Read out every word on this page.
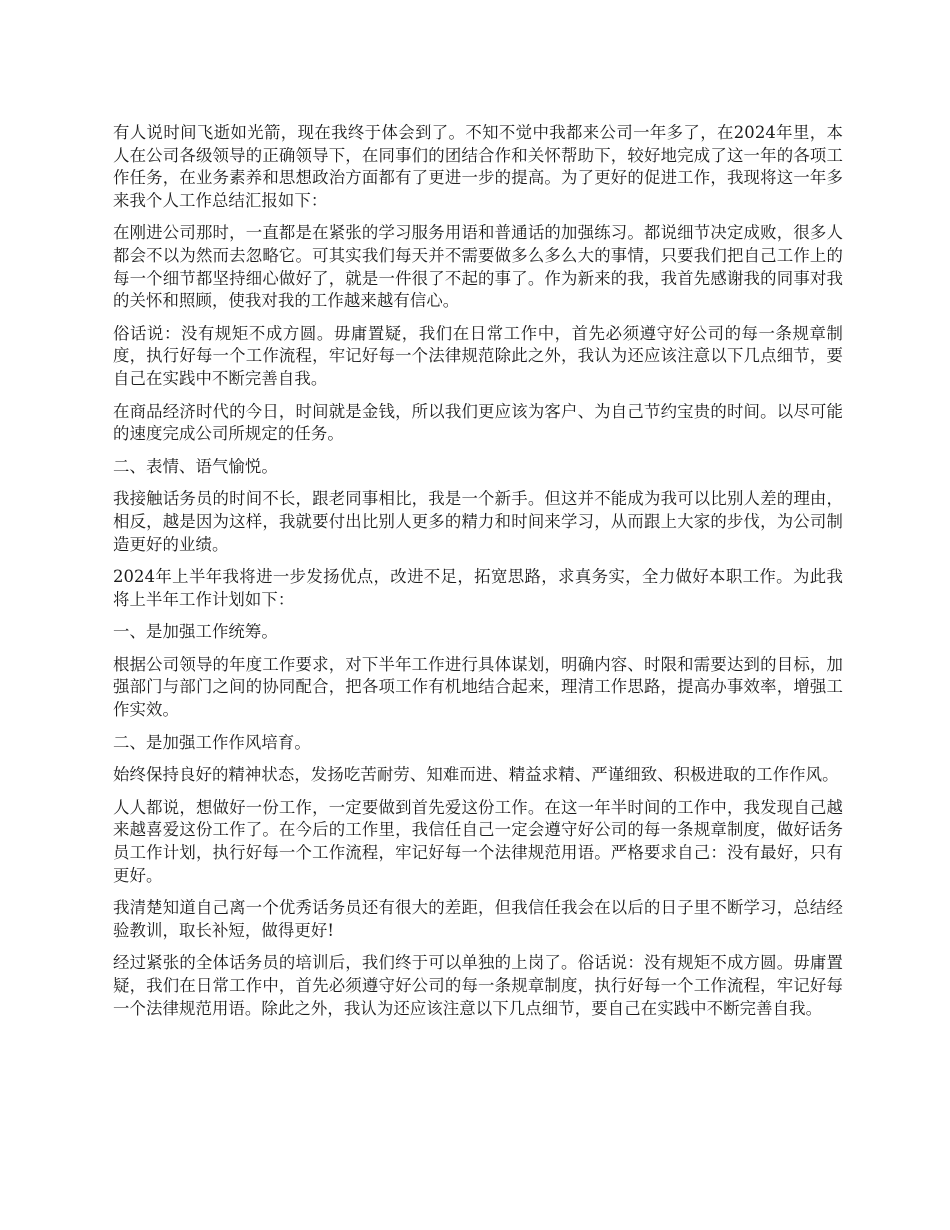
有人说时间飞逝如光箭，现在我终于体会到了。不知不觉中我都来公司一年多了，在2024年里，本人在公司各级领导的正确领导下，在同事们的团结合作和关怀帮助下，较好地完成了这一年的各项工作任务，在业务素养和思想政治方面都有了更进一步的提高。为了更好的促进工作，我现将这一年多来我个人工作总结汇报如下：

在刚进公司那时，一直都是在紧张的学习服务用语和普通话的加强练习。都说细节决定成败，很多人都会不以为然而去忽略它。可其实我们每天并不需要做多么多么大的事情，只要我们把自己工作上的每一个细节都坚持细心做好了，就是一件很了不起的事了。作为新来的我，我首先感谢我的同事对我的关怀和照顾，使我对我的工作越来越有信心。

俗话说：没有规矩不成方圆。毋庸置疑，我们在日常工作中，首先必须遵守好公司的每一条规章制度，执行好每一个工作流程，牢记好每一个法律规范除此之外，我认为还应该注意以下几点细节，要自己在实践中不断完善自我。

在商品经济时代的今日，时间就是金钱，所以我们更应该为客户、为自己节约宝贵的时间。以尽可能的速度完成公司所规定的任务。

二、表情、语气愉悦。

我接触话务员的时间不长，跟老同事相比，我是一个新手。但这并不能成为我可以比别人差的理由，相反，越是因为这样，我就要付出比别人更多的精力和时间来学习，从而跟上大家的步伐，为公司制造更好的业绩。

2024年上半年我将进一步发扬优点，改进不足，拓宽思路，求真务实，全力做好本职工作。为此我将上半年工作计划如下：

一、是加强工作统筹。

根据公司领导的年度工作要求，对下半年工作进行具体谋划，明确内容、时限和需要达到的目标，加强部门与部门之间的协同配合，把各项工作有机地结合起来，理清工作思路，提高办事效率，增强工作实效。

二、是加强工作作风培育。

始终保持良好的精神状态，发扬吃苦耐劳、知难而进、精益求精、严谨细致、积极进取的工作作风。

人人都说，想做好一份工作，一定要做到首先爱这份工作。在这一年半时间的工作中，我发现自己越来越喜爱这份工作了。在今后的工作里，我信任自己一定会遵守好公司的每一条规章制度，做好话务员工作计划，执行好每一个工作流程，牢记好每一个法律规范用语。严格要求自己：没有最好，只有更好。

我清楚知道自己离一个优秀话务员还有很大的差距，但我信任我会在以后的日子里不断学习，总结经验教训，取长补短，做得更好!

经过紧张的全体话务员的培训后，我们终于可以单独的上岗了。俗话说：没有规矩不成方圆。毋庸置疑，我们在日常工作中，首先必须遵守好公司的每一条规章制度，执行好每一个工作流程，牢记好每一个法律规范用语。除此之外，我认为还应该注意以下几点细节，要自己在实践中不断完善自我。
